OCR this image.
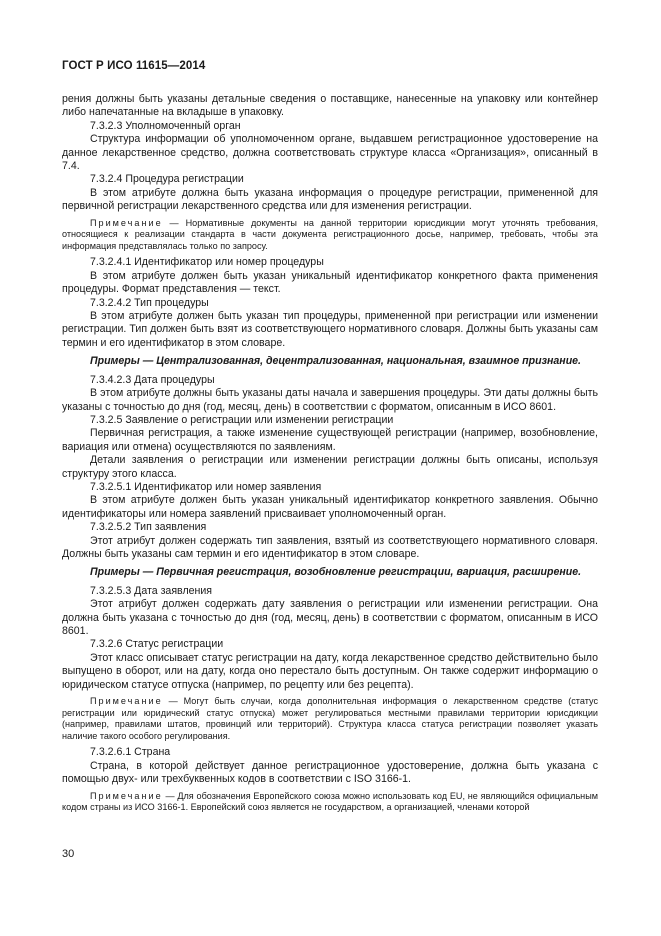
ГОСТ Р ИСО 11615—2014

рения должны быть указаны детальные сведения о поставщике, нанесенные на упаковку или контейнер либо напечатанные на вкладыше в упаковку.

7.3.2.3 Уполномоченный орган

Структура информации об уполномоченном органе, выдавшем регистрационное удостоверение на данное лекарственное средство, должна соответствовать структуре класса «Организация», описанный в 7.4.

7.3.2.4 Процедура регистрации

В этом атрибуте должна быть указана информация о процедуре регистрации, примененной для первичной регистрации лекарственного средства или для изменения регистрации.

Примечание — Нормативные документы на данной территории юрисдикции могут уточнять требования, относящиеся к реализации стандарта в части документа регистрационного досье, например, требовать, чтобы эта информация представлялась только по запросу.

7.3.2.4.1 Идентификатор или номер процедуры

В этом атрибуте должен быть указан уникальный идентификатор конкретного факта применения процедуры. Формат представления — текст.

7.3.2.4.2 Тип процедуры

В этом атрибуте должен быть указан тип процедуры, примененной при регистрации или изменении регистрации. Тип должен быть взят из соответствующего нормативного словаря. Должны быть указаны сам термин и его идентификатор в этом словаре.

Примеры — Централизованная, децентрализованная, национальная, взаимное признание.

7.3.4.2.3 Дата процедуры

В этом атрибуте должны быть указаны даты начала и завершения процедуры. Эти даты должны быть указаны с точностью до дня (год, месяц, день) в соответствии с форматом, описанным в ИСО 8601.

7.3.2.5 Заявление о регистрации или изменении регистрации

Первичная регистрация, а также изменение существующей регистрации (например, возобновление, вариация или отмена) осуществляются по заявлениям.

Детали заявления о регистрации или изменении регистрации должны быть описаны, используя структуру этого класса.

7.3.2.5.1 Идентификатор или номер заявления

В этом атрибуте должен быть указан уникальный идентификатор конкретного заявления. Обычно идентификаторы или номера заявлений присваивает уполномоченный орган.

7.3.2.5.2 Тип заявления

Этот атрибут должен содержать тип заявления, взятый из соответствующего нормативного словаря. Должны быть указаны сам термин и его идентификатор в этом словаре.

Примеры — Первичная регистрация, возобновление регистрации, вариация, расширение.

7.3.2.5.3 Дата заявления

Этот атрибут должен содержать дату заявления о регистрации или изменении регистрации. Она должна быть указана с точностью до дня (год, месяц, день) в соответствии с форматом, описанным в ИСО 8601.

7.3.2.6 Статус регистрации

Этот класс описывает статус регистрации на дату, когда лекарственное средство действительно было выпущено в оборот, или на дату, когда оно перестало быть доступным. Он также содержит информацию о юридическом статусе отпуска (например, по рецепту или без рецепта).

Примечание — Могут быть случаи, когда дополнительная информация о лекарственном средстве (статус регистрации или юридический статус отпуска) может регулироваться местными правилами территории юрисдикции (например, правилами штатов, провинций или территорий). Структура класса статуса регистрации позволяет указать наличие такого особого регулирования.

7.3.2.6.1 Страна

Страна, в которой действует данное регистрационное удостоверение, должна быть указана с помощью двух- или трехбуквенных кодов в соответствии с ISO 3166-1.

Примечание — Для обозначения Европейского союза можно использовать код EU, не являющийся официальным кодом страны из ИСО 3166-1. Европейский союз является не государством, а организацией, членами которой

30
